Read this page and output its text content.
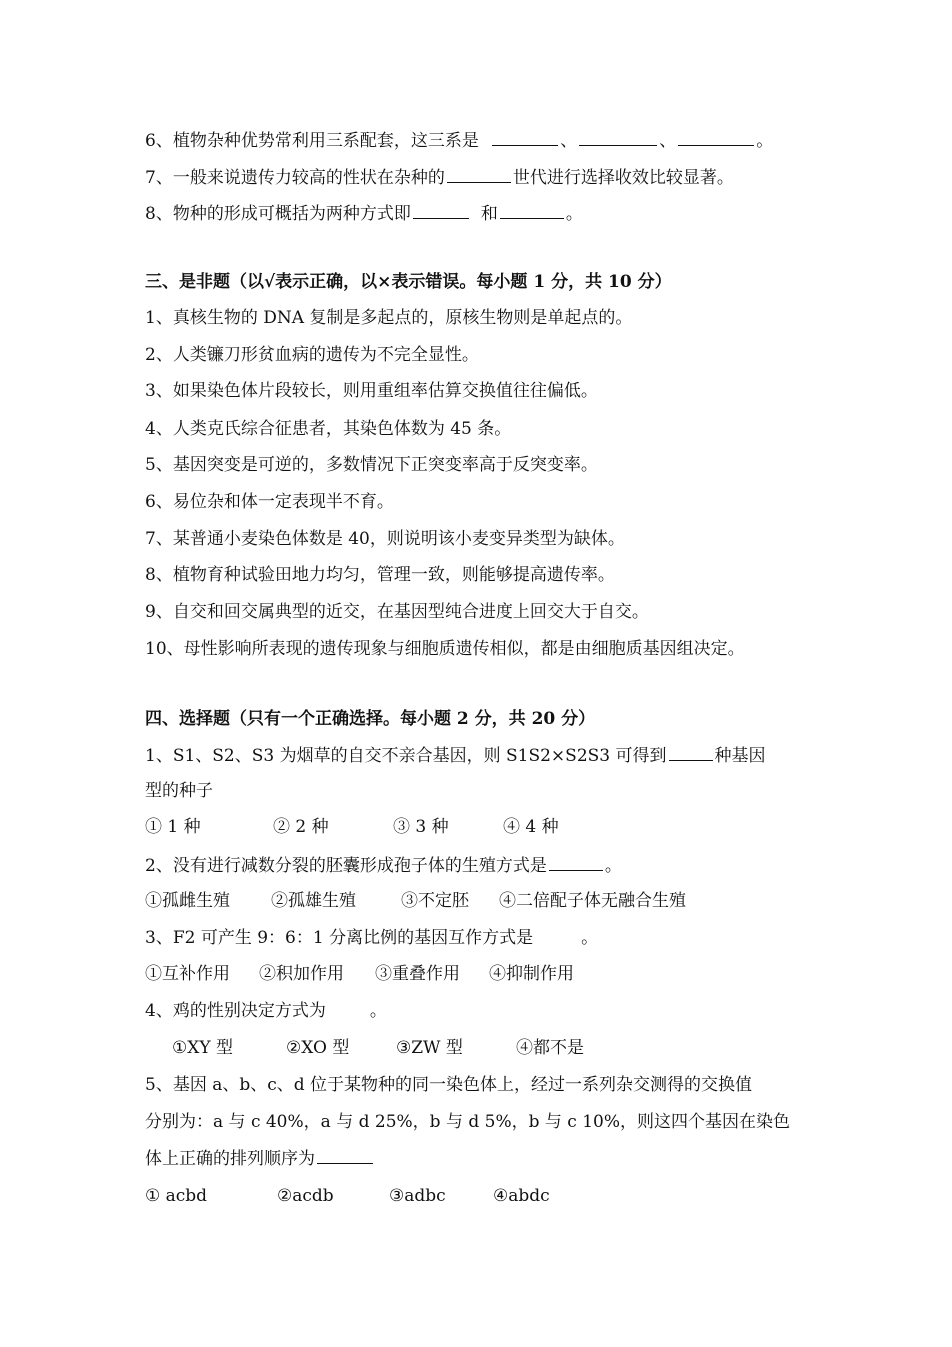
6、植物杂种优势常利用三系配套，这三系是	、	、	。
7、一般来说遗传力较高的性状在杂种的	世代进行选择收效比较显著。
8、物种的形成可概括为两种方式即	和	。
三、是非题（以√表示正确，以×表示错误。每小题 1 分，共 10 分）
1、真核生物的 DNA 复制是多起点的，原核生物则是单起点的。
2、人类镰刀形贫血病的遗传为不完全显性。
3、如果染色体片段较长，则用重组率估算交换值往往偏低。
4、人类克氏综合征患者，其染色体数为 45 条。
5、基因突变是可逆的，多数情况下正突变率高于反突变率。
6、易位杂和体一定表现半不育。
7、某普通小麦染色体数是 40，则说明该小麦变异类型为缺体。
8、植物育种试验田地力均匀，管理一致，则能够提高遗传率。
9、自交和回交属典型的近交，在基因型纯合进度上回交大于自交。
10、母性影响所表现的遗传现象与细胞质遗传相似，都是由细胞质基因组决定。
四、选择题（只有一个正确选择。每小题 2 分，共 20 分）
1、S1、S2、S3 为烟草的自交不亲合基因，则 S1S2×S2S3 可得到	种基因
型的种子
① 1 种	② 2 种	③ 3 种	④ 4 种
2、没有进行减数分裂的胚囊形成孢子体的生殖方式是	。
①孤雌生殖 ②孤雄生殖	③不定胚 ④二倍配子体无融合生殖
3、F2 可产生 9：6：1 分离比例的基因互作方式是	。
①互补作用 ②积加作用 ③重叠作用 ④抑制作用
4、鸡的性别决定方式为	。
①XY 型	②XO 型	③ZW 型	④都不是
5、基因 a、b、c、d 位于某物种的同一染色体上，经过一系列杂交测得的交换值
分别为：a 与 c 40%，a 与 d 25%，b 与 d 5%，b 与 c 10%，则这四个基因在染色
体上正确的排列顺序为
① acbd	②acdb	③adbc	④abdc
